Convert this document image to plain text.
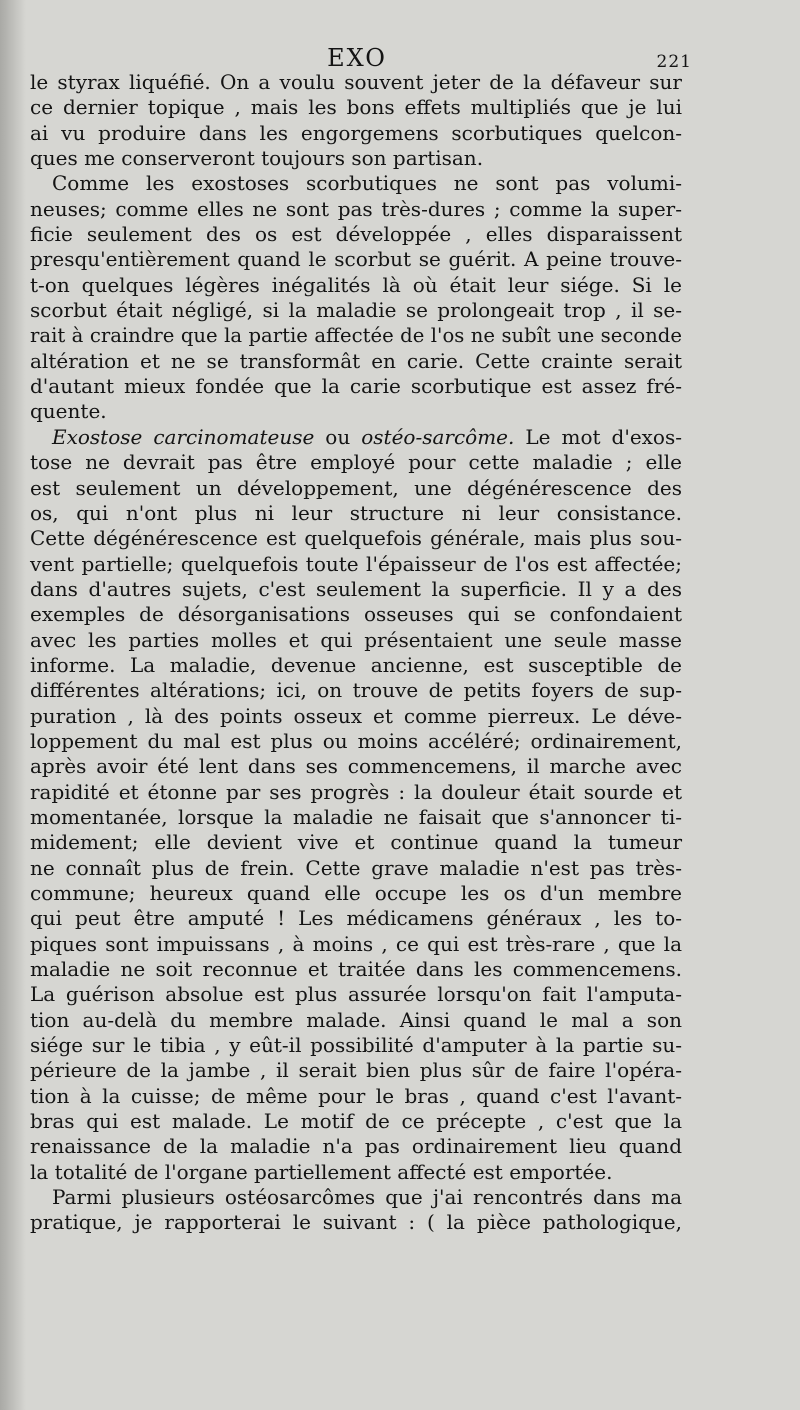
EXO	221
le styrax liquéfié. On a voulu souvent jeter de la défaveur sur
ce dernier topique , mais les bons effets multipliés que je lui
ai vu produire dans les engorgemens scorbutiques quelcon-
ques me conserveront toujours son partisan.
Comme les exostoses scorbutiques ne sont pas volumi-
neuses; comme elles ne sont pas très-dures ; comme la super-
ficie seulement des os est développée , elles disparaissent
presqu'entièrement quand le scorbut se guérit. A peine trouve-
t-on quelques légères inégalités là où était leur siége. Si le
scorbut était négligé, si la maladie se prolongeait trop , il se-
rait à craindre que la partie affectée de l'os ne subît une seconde
altération et ne se transformât en carie. Cette crainte serait
d'autant mieux fondée que la carie scorbutique est assez fré-
quente.
Exostose carcinomateuse ou ostéo-sarcôme. Le mot d'exos-
tose ne devrait pas être employé pour cette maladie ; elle
est seulement un développement, une dégénérescence des
os, qui n'ont plus ni leur structure ni leur consistance.
Cette dégénérescence est quelquefois générale, mais plus sou-
vent partielle; quelquefois toute l'épaisseur de l'os est affectée;
dans d'autres sujets, c'est seulement la superficie. Il y a des
exemples de désorganisations osseuses qui se confondaient
avec les parties molles et qui présentaient une seule masse
informe. La maladie, devenue ancienne, est susceptible de
différentes altérations; ici, on trouve de petits foyers de sup-
puration , là des points osseux et comme pierreux. Le déve-
loppement du mal est plus ou moins accéléré; ordinairement,
après avoir été lent dans ses commencemens, il marche avec
rapidité et étonne par ses progrès : la douleur était sourde et
momentanée, lorsque la maladie ne faisait que s'annoncer ti-
midement; elle devient vive et continue quand la tumeur
ne connaît plus de frein. Cette grave maladie n'est pas très-
commune; heureux quand elle occupe les os d'un membre
qui peut être amputé ! Les médicamens généraux , les to-
piques sont impuissans , à moins , ce qui est très-rare , que la
maladie ne soit reconnue et traitée dans les commencemens.
La guérison absolue est plus assurée lorsqu'on fait l'amputa-
tion au-delà du membre malade. Ainsi quand le mal a son
siége sur le tibia , y eût-il possibilité d'amputer à la partie su-
périeure de la jambe , il serait bien plus sûr de faire l'opéra-
tion à la cuisse; de même pour le bras , quand c'est l'avant-
bras qui est malade. Le motif de ce précepte , c'est que la
renaissance de la maladie n'a pas ordinairement lieu quand
la totalité de l'organe partiellement affecté est emportée.
Parmi plusieurs ostéosarcômes que j'ai rencontrés dans ma
pratique, je rapporterai le suivant : ( la pièce pathologique,
